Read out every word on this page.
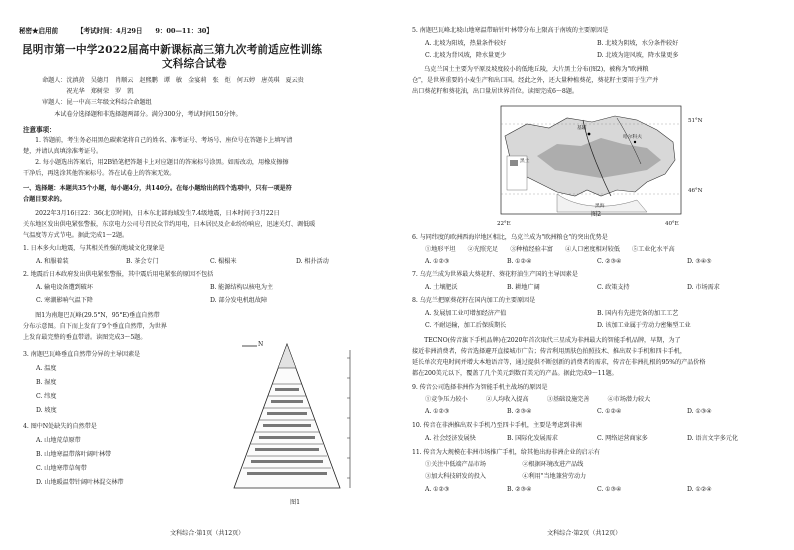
秘密★启用前	【考试时间：4月29日　　9：00—11：30】
昆明市第一中学2022届高中新课标高三第九次考前适应性训练
文科综合试卷
命题人：沈滇黄　吴德月　肖顺云　赵熙鹏　谭　敏　金宴莉　张　炬　何五婷　唐英琪　夏云贵
　　　　祝光华　郑树荣　罗　凯
审题人：昆一中高三年级文科综合命题组
　　本试卷分选择题和非选择题两部分。满分300分，考试时间150分钟。
注意事项：
　　1. 答题前，考生务必用黑色碳素笔将自己的姓名、准考证号、考场号、座位号在答题卡上填写清
楚，并请认真填涂准考证号。
　　2. 每小题选出答案后，用2B铅笔把答题卡上对应题目的答案标号涂黑。如需改动，用橡皮擦擦
干净后，再选涂其他答案标号。答在试卷上的答案无效。
一、选择题：本题共35个小题，每小题4分，共140分。在每小题给出的四个选项中，只有一项是符
合题目要求的。
　　2022年3月16日22：36(北京时间)，日本东北部海域发生7.4级地震，日本时间于3月22日
关东地区发出供电紧张警报，东京电力公司号召民众节约用电，日本居民及企业纷纷响应，迅速关灯、调低暖
气温度等方式节电。据此完成1～2题。
1. 日本多火山地震，与其相关性强的地域文化现象是
A. 和服着装	B. 茶会专门	C. 榻榻米	D. 相扑活动
2. 地震后日本政府发出供电紧张警报，其中震后用电紧张的原因不包括
A. 输电设备遭到破坏	B. 能源结构以核电为主
C. 寒潮影响气温下降	D. 部分发电机组故障
　　图1为南迦巴瓦峰(29.5°N，95°E)垂直自然带
分布示意图。自下而上发育了9个垂直自然带，为世界
上发育最完整的垂直带谱。读图完成3～5题。
3. 南迦巴瓦峰垂直自然带分异的主导因素是
A. 温度
B. 湿度
C. 纬度
D. 坡度
4. 图中N处缺失的自然带是
A. 山地荒草原带
B. 山地寒温带落叶阔叶林带
C. 山地寒带草甸带
D. 山地暖温带针阔叶林混交林带
N
图1
文科综合·第1页（共12页）
5. 南迦巴瓦峰北坡山地寒温带暗针叶林带分布上限高于南坡的主要原因是
A. 北坡为阳坡，热量条件较好	B. 北坡为阴坡，水分条件较好
C. 北坡为背风坡，降水量更少	D. 北坡为迎风坡，降水量更多
　　乌克兰国土主要为平原及坡度较小的低地丘陵，大片黑土分布(图2)，被称为"欧洲粮
仓"，是世界重要的小麦生产和出口国。经此之外，还大量种植葵花，葵花籽主要用于生产并
出口葵花籽和葵花油，出口量居世界首位。读图完成6～8题。
51°N
46°N
22°E	40°E
黑土
基辅
哈尔科夫
黑海
图2
6. 与同纬度的欧洲西海岸地区相比，乌克兰成为"欧洲粮仓"的突出优势是
①地形平坦　　②光照充足　　③种植经验丰富　　④人口密度相对较低　　⑤工业化水平高
A. ①②③	B. ①②④	C. ②③④	D. ③④⑤
7. 乌克兰成为世界最大葵花籽、葵花籽油生产国的主导因素是
A. 土壤肥沃	B. 耕地广阔	C. 政策支持	D. 市场需求
8. 乌克兰把原葵花籽在国内加工的主要原因是
A. 发展加工业可增加经济产值	B. 国内有先进完备的加工工艺
C. 不耐运输，加工后保质期长	D. 该加工业属于劳动力密集型工业
　　TECNO(传音旗下手机品牌)在2020年首次取代三星成为非洲最大的智能手机品牌，早期，为了
接近非洲消费者，传音选择避开直接城市广告；传音利用黑肤色拍照技术、推出双卡手机和四卡手机，
延长单次充电时间并增大本地语音等，通过提供不断创新的消费者的需求，传音在非洲扎根的95%的产品价格
都在200美元以下，覆盖了几个美元到数百美元的产品。据此完成9～11题。
9. 传音公司选择非洲作为智能手机主战场的原因是
①竞争压力较小　　　②人均收入提高　　　③基础设施完善　　　④市场潜力较大
A. ①②③	B. ②③④	C. ①②④	D. ①③④
10. 传音在非洲推出双卡手机乃至四卡手机，主要是考虑到非洲
A. 社会经济发展快	B. 国际化发展需求	C. 网络运营商家多	D. 语言文字多元化
11. 传音为大规模在非洲市场推广手机，给其他出海非洲企业的启示有
①关注中低端产品市场　　　　　　②根据环境改进产品线
③加大科技研发的投入　　　　　　④利用"当地兼营劳动力
A. ①②③	B. ②③④	C. ①③④	D. ①②④
文科综合·第2页（共12页）
